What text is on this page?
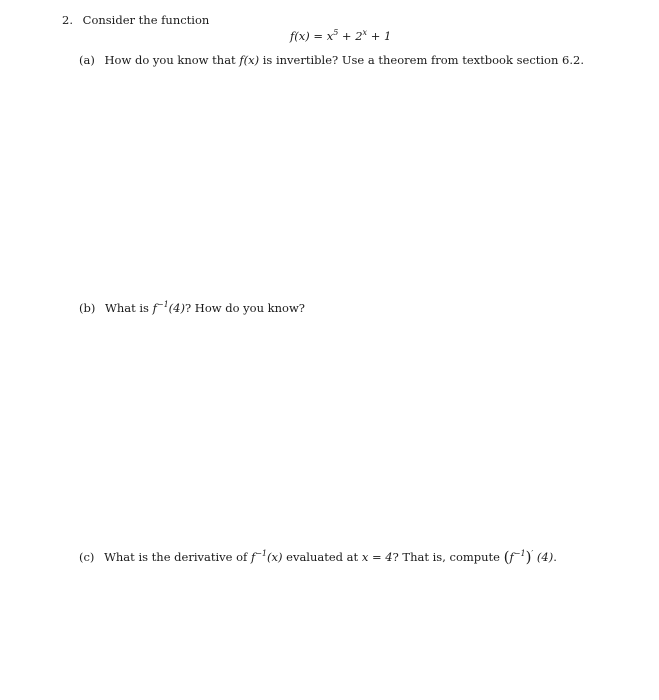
2. Consider the function
$f(x) = x^5 + 2^x + 1$
(a) How do you know that f(x) is invertible? Use a theorem from textbook section 6.2.
(b) What is $f^{-1}(4)$? How do you know?
(c) What is the derivative of $f^{-1}(x)$ evaluated at x = 4? That is, compute $(f^{-1})'$ (4).
